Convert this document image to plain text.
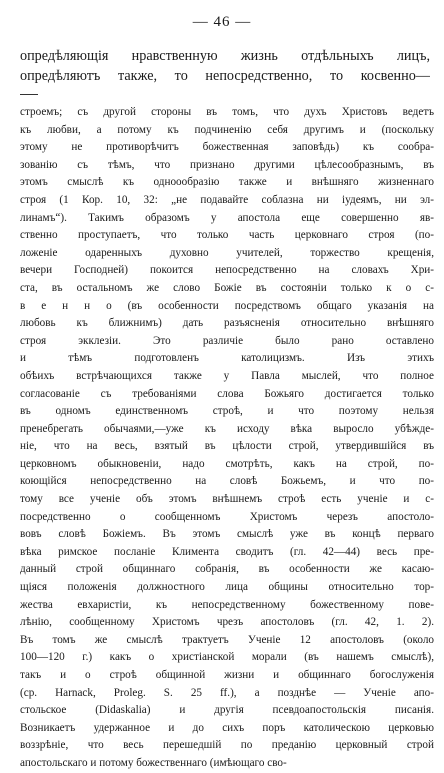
— 46 —
опредѣляющія нравственную жизнь отдѣльныхъ лицъ,
опредѣляютъ также, то непосредственно, то косвенно—
строемъ; съ другой стороны въ томъ, что духъ Христовъ ведетъ
къ любви, а потому къ подчиненію себя другимъ и (поскольку
этому не противорѣчитъ божественная заповѣдь) къ сообра-
зованію съ тѣмъ, что признано другими цѣлесообразнымъ, въ
этомъ смыслѣ къ одноообразію также и внѣшняго жизненнаго
строя (1 Кор. 10, 32: „не подавайте соблазна ни іудеямъ, ни эл-
линамъ“). Такимъ образомъ у апостола еще совершенно яв-
ственно проступаетъ, что только часть церковнаго строя (по-
ложеніе одаренныхъ духовно учителей, торжество крещенія,
вечери Господней) покоится непосредственно на словахъ Хри-
ста, въ остальномъ же слово Божіе въ состояніи только к о с-
в е н н о (въ особенности посредствомъ общаго указанія на
любовь къ ближнимъ) дать разъясненія относительно внѣшняго
строя экклезіи. Это различіе было рано оставлено
и тѣмъ подготовленъ католицизмъ. Изъ этихъ
обѣихъ встрѣчающихся также у Павла мыслей, что полное
согласованіе съ требованіями слова Божьяго достигается только
въ одномъ единственномъ строѣ, и что поэтому нельзя
пренебрегать обычаями,—уже къ исходу вѣка выросло убѣжде-
ніе, что на весь, взятый въ цѣлости строй, утвердившійся въ
церковномъ обыкновеніи, надо смотрѣть, какъ на строй, по-
коющійся непосредственно на словѣ Божьемъ, и что по-
тому все ученіе объ этомъ внѣшнемъ строѣ есть ученіе и с-
посредственно о сообщенномъ Христомъ черезъ апостоло-
вовъ словѣ Божіемъ. Въ этомъ смыслѣ уже въ концѣ перваго
вѣка римское посланіе Климента сводитъ (гл. 42—44) весь пре-
данный строй общиннаго собранія, въ особенности же касаю-
щіяся положенія должностного лица общины относительно тор-
жества евхаристіи, къ непосредственному божественному пове-
лѣнію, сообщенному Христомъ чрезъ апостоловъ (гл. 42, 1. 2).
Въ томъ же смыслѣ трактуетъ Ученіе 12 апостоловъ (около
100—120 г.) какъ о христіанской морали (въ нашемъ смыслѣ),
такъ и о строѣ общинной жизни и общиннаго богослуженія
(ср. Harnack, Proleg. S. 25 ff.), а позднѣе — Ученіе апо-
стольское (Didaskalia) и другія псевдоапостольскія писанія.
Возникаетъ удержанное и до сихъ поръ католическою церковью
воззрѣніе, что весь перешедшій по преданію церковный строй
апостольскаго и потому божественнаго (имѣющаго сво-
